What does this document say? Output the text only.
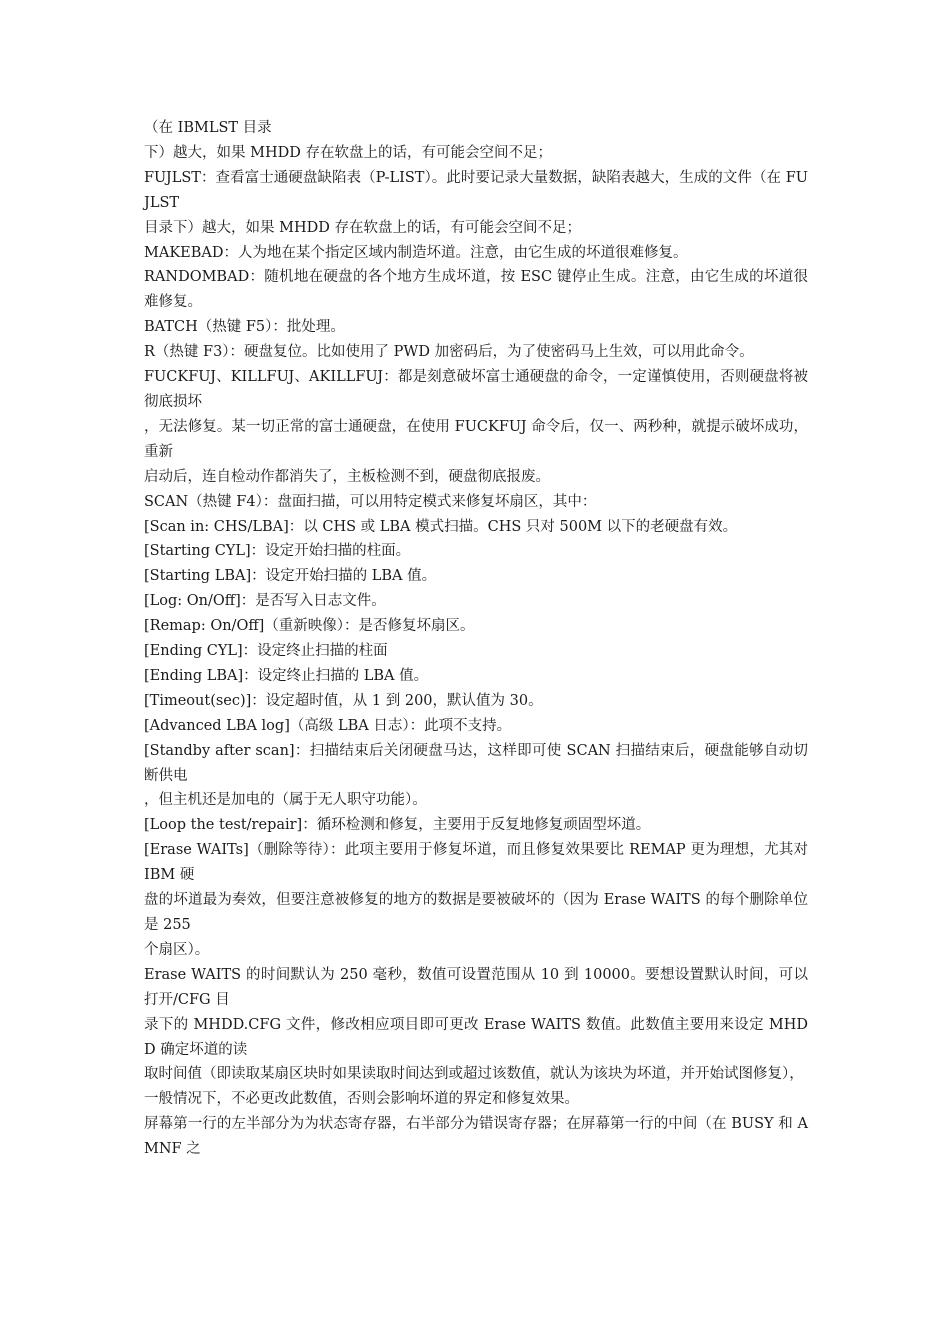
（在 IBMLST 目录

下）越大，如果 MHDD 存在软盘上的话，有可能会空间不足；

FUJLST：查看富士通硬盘缺陷表（P-LIST）。此时要记录大量数据，缺陷表越大，生成的文件（在 FUJLST

目录下）越大，如果 MHDD 存在软盘上的话，有可能会空间不足；

MAKEBAD：人为地在某个指定区域内制造坏道。注意，由它生成的坏道很难修复。

RANDOMBAD：随机地在硬盘的各个地方生成坏道，按 ESC 键停止生成。注意，由它生成的坏道很难修复。

BATCH（热键 F5）：批处理。

R（热键 F3）：硬盘复位。比如使用了 PWD 加密码后，为了使密码马上生效，可以用此命令。

FUCKFUJ、KILLFUJ、AKILLFUJ：都是刻意破坏富士通硬盘的命令，一定谨慎使用，否则硬盘将被彻底损坏

，无法修复。某一切正常的富士通硬盘，在使用 FUCKFUJ 命令后，仅一、两秒种，就提示破坏成功，重新

启动后，连自检动作都消失了，主板检测不到，硬盘彻底报废。

SCAN（热键 F4）：盘面扫描，可以用特定模式来修复坏扇区，其中：

[Scan in: CHS/LBA]：以 CHS 或 LBA 模式扫描。CHS 只对 500M 以下的老硬盘有效。

[Starting CYL]：设定开始扫描的柱面。

[Starting LBA]：设定开始扫描的 LBA 值。

[Log: On/Off]：是否写入日志文件。

[Remap: On/Off]（重新映像）：是否修复坏扇区。

[Ending CYL]：设定终止扫描的柱面

[Ending LBA]：设定终止扫描的 LBA 值。

[Timeout(sec)]：设定超时值，从 1 到 200，默认值为 30。

[Advanced LBA log]（高级 LBA 日志）：此项不支持。

[Standby after scan]：扫描结束后关闭硬盘马达，这样即可使 SCAN 扫描结束后，硬盘能够自动切断供电

，但主机还是加电的（属于无人职守功能）。

[Loop the test/repair]：循环检测和修复，主要用于反复地修复顽固型坏道。

[Erase WAITs]（删除等待）：此项主要用于修复坏道，而且修复效果要比 REMAP 更为理想，尤其对 IBM 硬

盘的坏道最为奏效，但要注意被修复的地方的数据是要被破坏的（因为 Erase WAITS 的每个删除单位是 255

个扇区）。

Erase WAITS 的时间默认为 250 毫秒，数值可设置范围从 10 到 10000。要想设置默认时间，可以打开/CFG 目

录下的 MHDD.CFG 文件，修改相应项目即可更改 Erase WAITS 数值。此数值主要用来设定 MHDD 确定坏道的读

取时间值（即读取某扇区块时如果读取时间达到或超过该数值，就认为该块为坏道，并开始试图修复），

一般情况下，不必更改此数值，否则会影响坏道的界定和修复效果。

屏幕第一行的左半部分为为状态寄存器，右半部分为错误寄存器；在屏幕第一行的中间（在 BUSY 和 AMNF 之
